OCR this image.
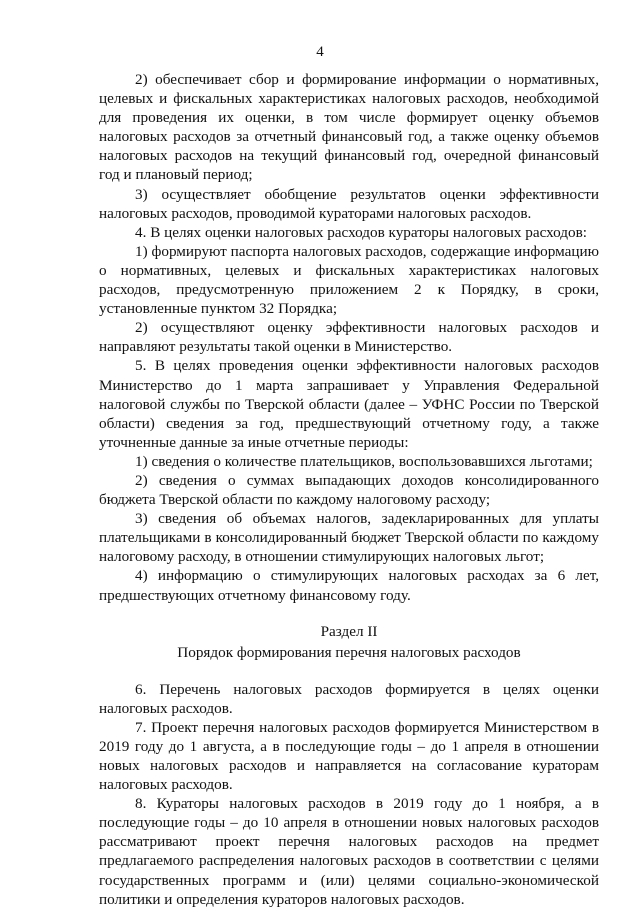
4

2) обеспечивает сбор и формирование информации о нормативных, целевых и фискальных характеристиках налоговых расходов, необходимой для проведения их оценки, в том числе формирует оценку объемов налоговых расходов за отчетный финансовый год, а также оценку объемов налоговых расходов на текущий финансовый год, очередной финансовый год и плановый период;

3) осуществляет обобщение результатов оценки эффективности налоговых расходов, проводимой кураторами налоговых расходов.

4. В целях оценки налоговых расходов кураторы налоговых расходов:

1) формируют паспорта налоговых расходов, содержащие информацию о нормативных, целевых и фискальных характеристиках налоговых расходов, предусмотренную приложением 2 к Порядку, в сроки, установленные пунктом 32 Порядка;

2) осуществляют оценку эффективности налоговых расходов и направляют результаты такой оценки в Министерство.

5. В целях проведения оценки эффективности налоговых расходов Министерство до 1 марта запрашивает у Управления Федеральной налоговой службы по Тверской области (далее – УФНС России по Тверской области) сведения за год, предшествующий отчетному году, а также уточненные данные за иные отчетные периоды:

1) сведения о количестве плательщиков, воспользовавшихся льготами;

2) сведения о суммах выпадающих доходов консолидированного бюджета Тверской области по каждому налоговому расходу;

3) сведения об объемах налогов, задекларированных для уплаты плательщиками в консолидированный бюджет Тверской области по каждому налоговому расходу, в отношении стимулирующих налоговых льгот;

4) информацию о стимулирующих налоговых расходах за 6 лет, предшествующих отчетному финансовому году.

Раздел II
Порядок формирования перечня налоговых расходов

6. Перечень налоговых расходов формируется в целях оценки налоговых расходов.

7. Проект перечня налоговых расходов формируется Министерством в 2019 году до 1 августа, а в последующие годы – до 1 апреля в отношении новых налоговых расходов и направляется на согласование кураторам налоговых расходов.

8. Кураторы налоговых расходов в 2019 году до 1 ноября, а в последующие годы – до 10 апреля в отношении новых налоговых расходов рассматривают проект перечня налоговых расходов на предмет предлагаемого распределения налоговых расходов в соответствии с целями государственных программ и (или) целями социально-экономической политики и определения кураторов налоговых расходов.
